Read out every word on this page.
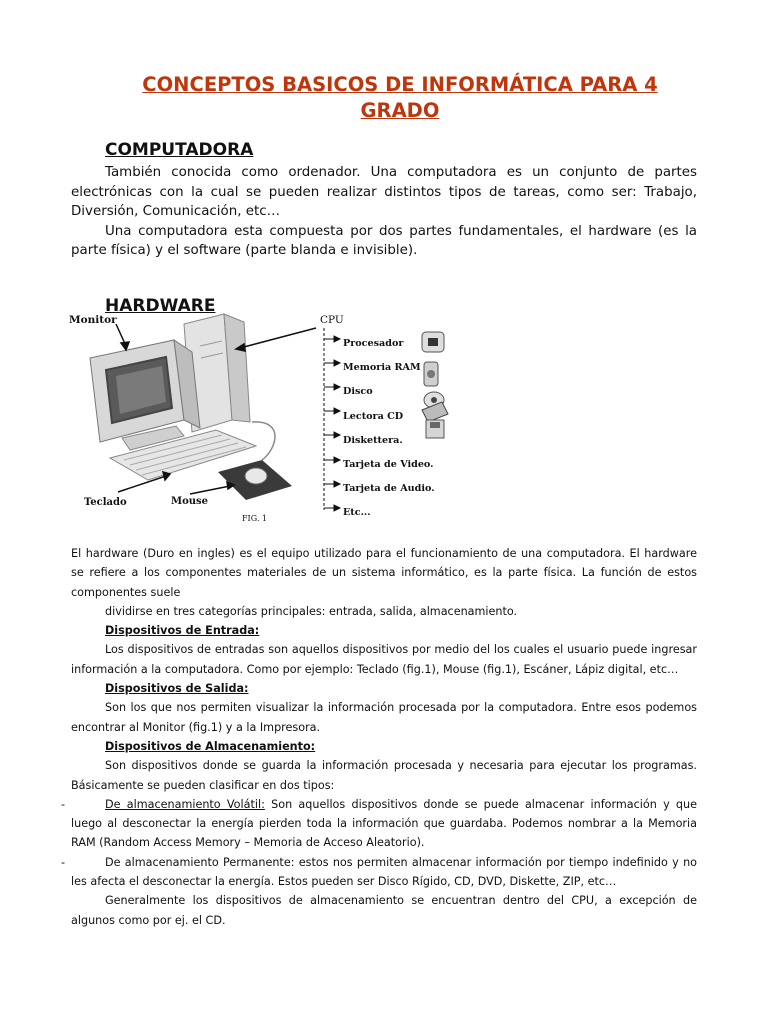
CONCEPTOS BASICOS DE INFORMÁTICA PARA 4
GRADO
COMPUTADORA

También conocida como ordenador. Una computadora es un conjunto de partes electrónicas con la cual se pueden realizar distintos tipos de tareas, como ser: Trabajo, Diversión, Comunicación, etc…

Una computadora esta compuesta por dos partes fundamentales, el hardware (es la parte física) y el software (parte blanda e invisible).

HARDWARE
Monitor	CPU
Teclado	Mouse
FIG. 1
Procesador
Memoria RAM
Disco
Lectora CD
Diskettera.
Tarjeta de Video.
Tarjeta de Audio.
Etc...

El hardware (Duro en ingles) es el equipo utilizado para el funcionamiento de una computadora. El hardware

se refiere a los componentes materiales de un sistema informático, es la parte física. La función de estos

componentes suele

dividirse en tres categorías principales: entrada, salida, almacenamiento.

Dispositivos de Entrada:

Los dispositivos de entradas son aquellos dispositivos por medio del los cuales el usuario puede ingresar información a la computadora. Como por ejemplo: Teclado (fig.1), Mouse (fig.1), Escáner, Lápiz digital, etc…

Dispositivos de Salida:

Son los que nos permiten visualizar la información procesada por la computadora. Entre esos podemos encontrar al Monitor (fig.1) y a la Impresora.

Dispositivos de Almacenamiento:

Son dispositivos donde se guarda la información procesada y necesaria para ejecutar los programas. Básicamente se pueden clasificar en dos tipos:

-	De almacenamiento Volátil: Son aquellos dispositivos donde se puede almacenar información y que luego al desconectar la energía pierden toda la información que guardaba. Podemos nombrar a la Memoria RAM (Random Access Memory – Memoria de Acceso Aleatorio).

-	De almacenamiento Permanente: estos nos permiten almacenar información por tiempo indefinido y no les afecta el desconectar la energía. Estos pueden ser Disco Rígido, CD, DVD, Diskette, ZIP, etc…

Generalmente los dispositivos de almacenamiento se encuentran dentro del CPU, a excepción de algunos como por ej. el CD.
